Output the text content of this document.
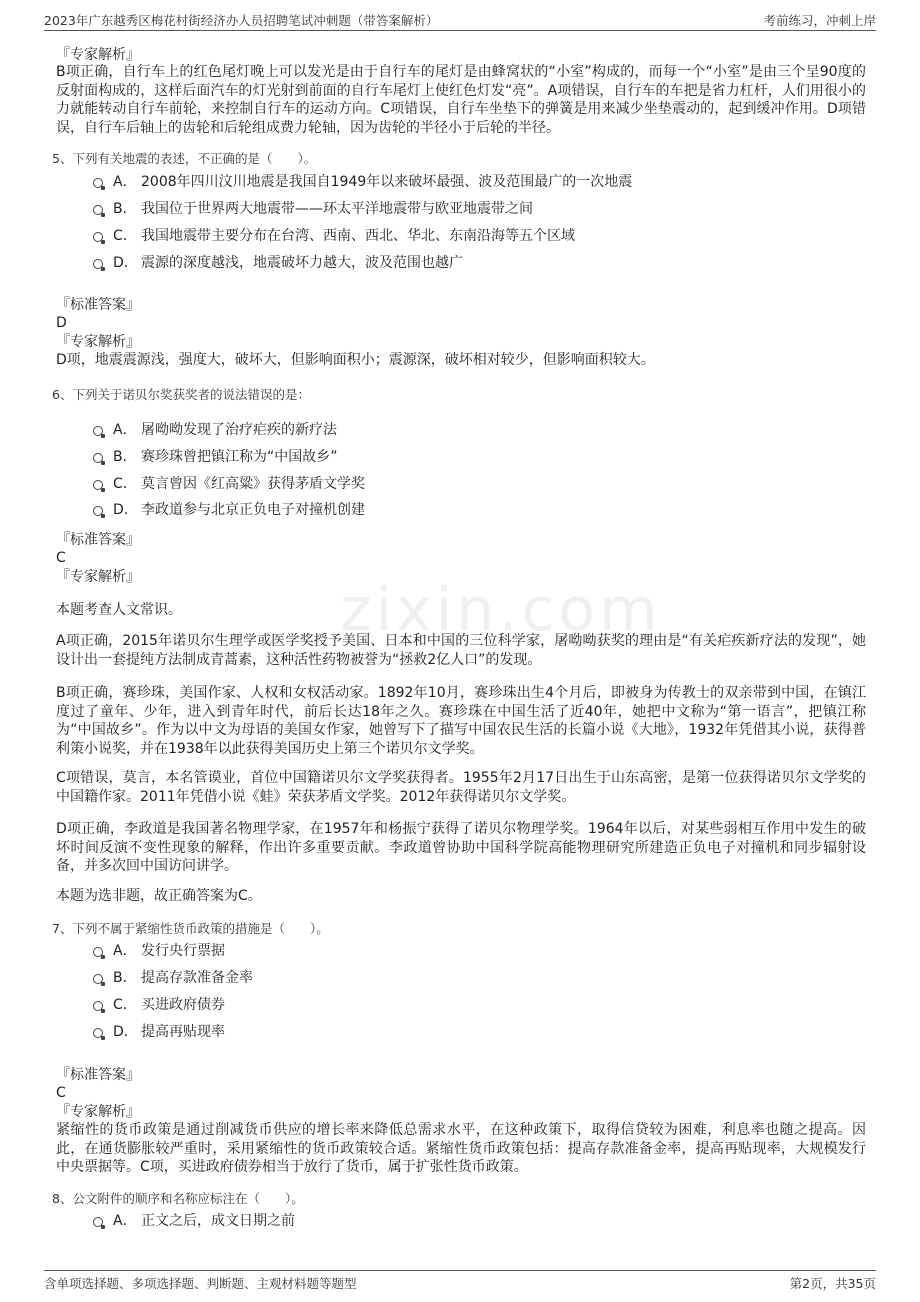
2023年广东越秀区梅花村街经济办人员招聘笔试冲刺题（带答案解析）	考前练习，冲刺上岸
zixin.com
『专家解析』
B项正确，自行车上的红色尾灯晚上可以发光是由于自行车的尾灯是由蜂窝状的“小室”构成的，而每一个“小室”是由三个呈90度的反射面构成的，这样后面汽车的灯光射到前面的自行车尾灯上使红色灯发“亮”。A项错误，自行车的车把是省力杠杆，人们用很小的力就能转动自行车前轮，来控制自行车的运动方向。C项错误，自行车坐垫下的弹簧是用来减少坐垫震动的，起到缓冲作用。D项错误，自行车后轴上的齿轮和后轮组成费力轮轴，因为齿轮的半径小于后轮的半径。
5、下列有关地震的表述，不正确的是（　　）。
A． 2008年四川汶川地震是我国自1949年以来破坏最强、波及范围最广的一次地震
B． 我国位于世界两大地震带——环太平洋地震带与欧亚地震带之间
C． 我国地震带主要分布在台湾、西南、西北、华北、东南沿海等五个区域
D． 震源的深度越浅，地震破坏力越大，波及范围也越广
『标准答案』
D
『专家解析』
D项，地震震源浅，强度大，破坏大，但影响面积小；震源深，破坏相对较少，但影响面积较大。
6、下列关于诺贝尔奖获奖者的说法错误的是：
A． 屠呦呦发现了治疗疟疾的新疗法
B． 赛珍珠曾把镇江称为“中国故乡”
C． 莫言曾因《红高粱》获得茅盾文学奖
D． 李政道参与北京正负电子对撞机创建
『标准答案』
C
『专家解析』
本题考查人文常识。
A项正确，2015年诺贝尔生理学或医学奖授予美国、日本和中国的三位科学家，屠呦呦获奖的理由是“有关疟疾新疗法的发现”，她设计出一套提纯方法制成青蒿素，这种活性药物被誉为“拯救2亿人口”的发现。
B项正确，赛珍珠，美国作家、人权和女权活动家。1892年10月，赛珍珠出生4个月后，即被身为传教士的双亲带到中国，在镇江度过了童年、少年，进入到青年时代，前后长达18年之久。赛珍珠在中国生活了近40年，她把中文称为“第一语言”，把镇江称为“中国故乡”。作为以中文为母语的美国女作家，她曾写下了描写中国农民生活的长篇小说《大地》，1932年凭借其小说，获得普利策小说奖，并在1938年以此获得美国历史上第三个诺贝尔文学奖。
C项错误，莫言，本名管谟业，首位中国籍诺贝尔文学奖获得者。1955年2月17日出生于山东高密，是第一位获得诺贝尔文学奖的中国籍作家。2011年凭借小说《蛙》荣获茅盾文学奖。2012年获得诺贝尔文学奖。
D项正确，李政道是我国著名物理学家，在1957年和杨振宁获得了诺贝尔物理学奖。1964年以后，对某些弱相互作用中发生的破坏时间反演不变性现象的解释，作出许多重要贡献。李政道曾协助中国科学院高能物理研究所建造正负电子对撞机和同步辐射设备，并多次回中国访问讲学。
本题为选非题，故正确答案为C。
7、下列不属于紧缩性货币政策的措施是（　　）。
A． 发行央行票据
B． 提高存款准备金率
C． 买进政府债券
D． 提高再贴现率
『标准答案』
C
『专家解析』
紧缩性的货币政策是通过削减货币供应的增长率来降低总需求水平，在这种政策下，取得信贷较为困难，利息率也随之提高。因此，在通货膨胀较严重时，采用紧缩性的货币政策较合适。紧缩性货币政策包括：提高存款准备金率，提高再贴现率，大规模发行中央票据等。C项，买进政府债券相当于放行了货币，属于扩张性货币政策。
8、公文附件的顺序和名称应标注在（　　）。
A． 正文之后，成文日期之前
含单项选择题、多项选择题、判断题、主观材料题等题型	第2页，共35页
